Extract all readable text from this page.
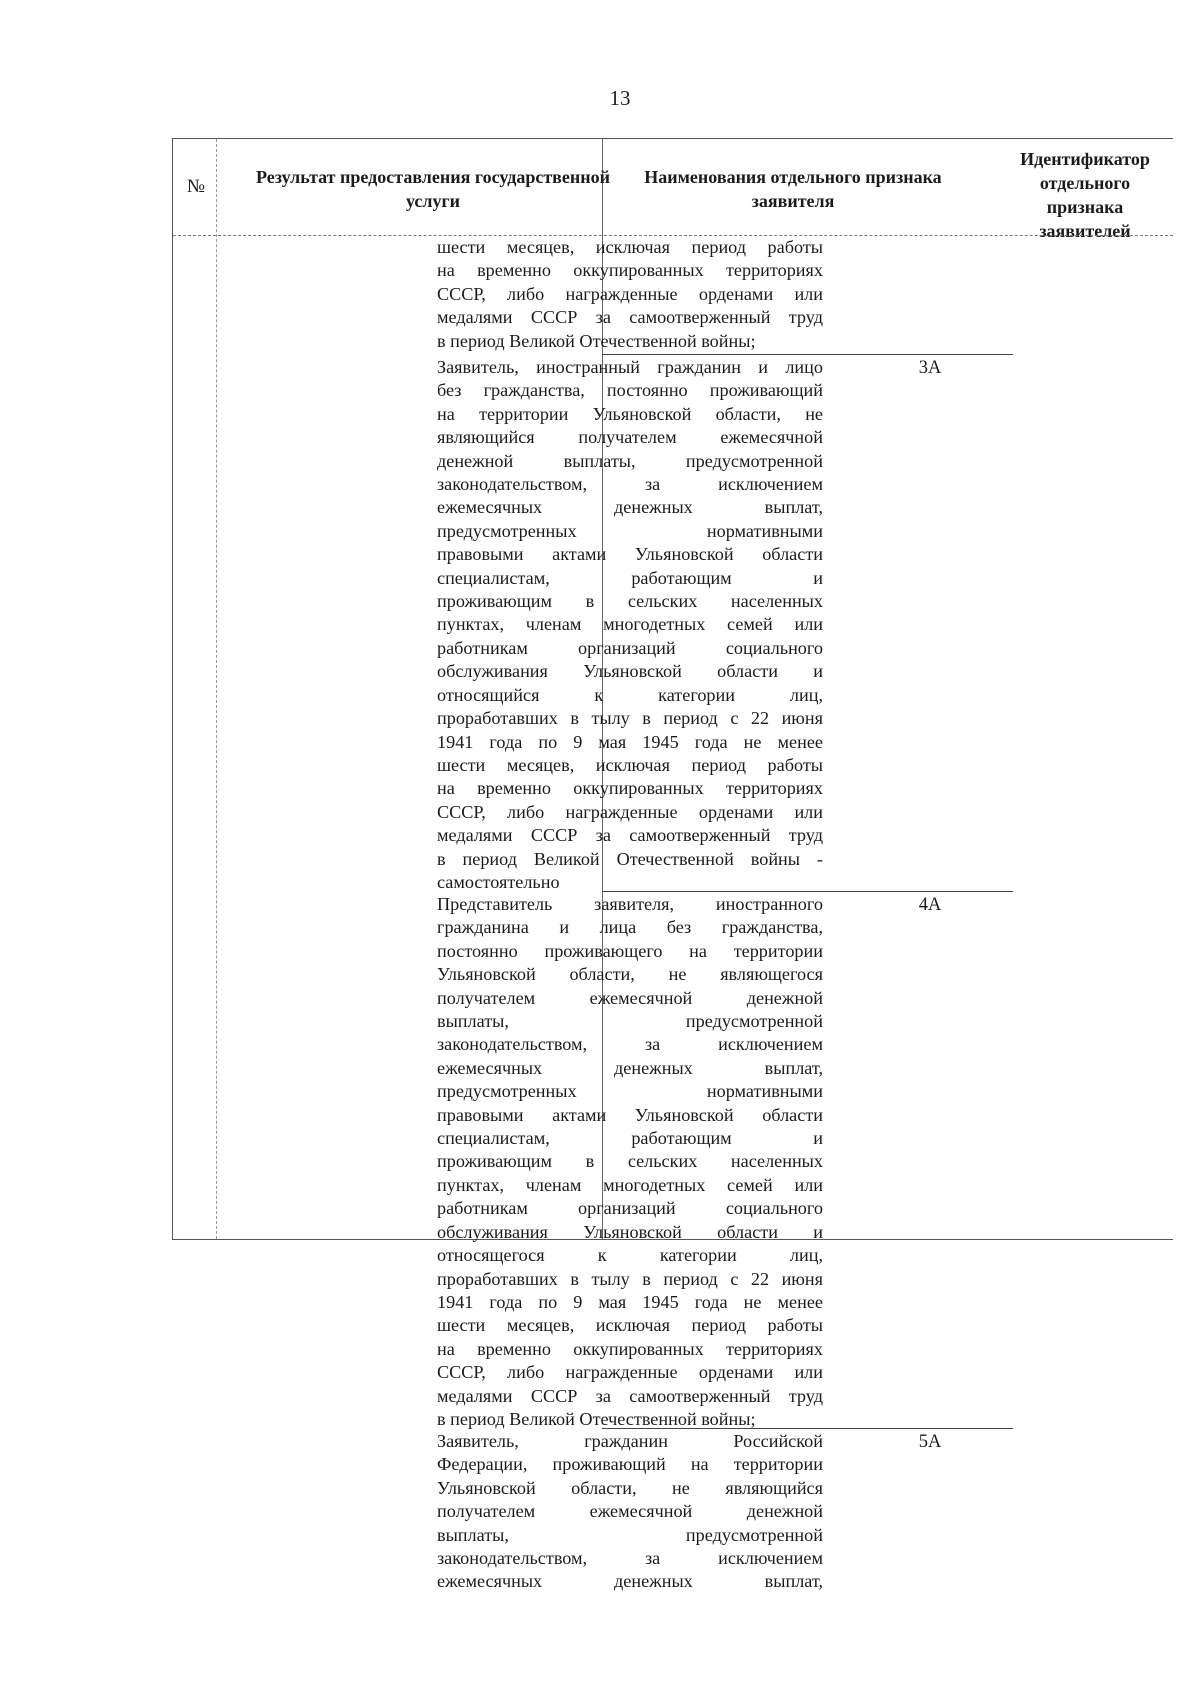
13
№	Результат предоставления государственной услуги
Наименования отдельного признака заявителя
Идентификатор отдельного признака заявителей
шести месяцев, исключая период работы
на временно оккупированных территориях
СССР, либо награжденные орденами или
медалями СССР за самоотверженный труд
в период Великой Отечественной войны;
3А
Заявитель, иностранный гражданин и лицо
без гражданства, постоянно проживающий
на территории Ульяновской области, не
являющийся получателем ежемесячной
денежной выплаты, предусмотренной
законодательством, за исключением
ежемесячных денежных выплат,
предусмотренных нормативными
правовыми актами Ульяновской области
специалистам, работающим и
проживающим в сельских населенных
пунктах, членам многодетных семей или
работникам организаций социального
обслуживания Ульяновской области и
относящийся к категории лиц,
проработавших в тылу в период с 22 июня
1941 года по 9 мая 1945 года не менее
шести месяцев, исключая период работы
на временно оккупированных территориях
СССР, либо награжденные орденами или
медалями СССР за самоотверженный труд
в период Великой Отечественной войны -
самостоятельно
4А
Представитель заявителя, иностранного
гражданина и лица без гражданства,
постоянно проживающего на территории
Ульяновской области, не являющегося
получателем ежемесячной денежной
выплаты, предусмотренной
законодательством, за исключением
ежемесячных денежных выплат,
предусмотренных нормативными
правовыми актами Ульяновской области
специалистам, работающим и
проживающим в сельских населенных
пунктах, членам многодетных семей или
работникам организаций социального
обслуживания Ульяновской области и
относящегося к категории лиц,
проработавших в тылу в период с 22 июня
1941 года по 9 мая 1945 года не менее
шести месяцев, исключая период работы
на временно оккупированных территориях
СССР, либо награжденные орденами или
медалями СССР за самоотверженный труд
в период Великой Отечественной войны;
5А
Заявитель, гражданин Российской
Федерации, проживающий на территории
Ульяновской области, не являющийся
получателем ежемесячной денежной
выплаты, предусмотренной
законодательством, за исключением
ежемесячных денежных выплат,
